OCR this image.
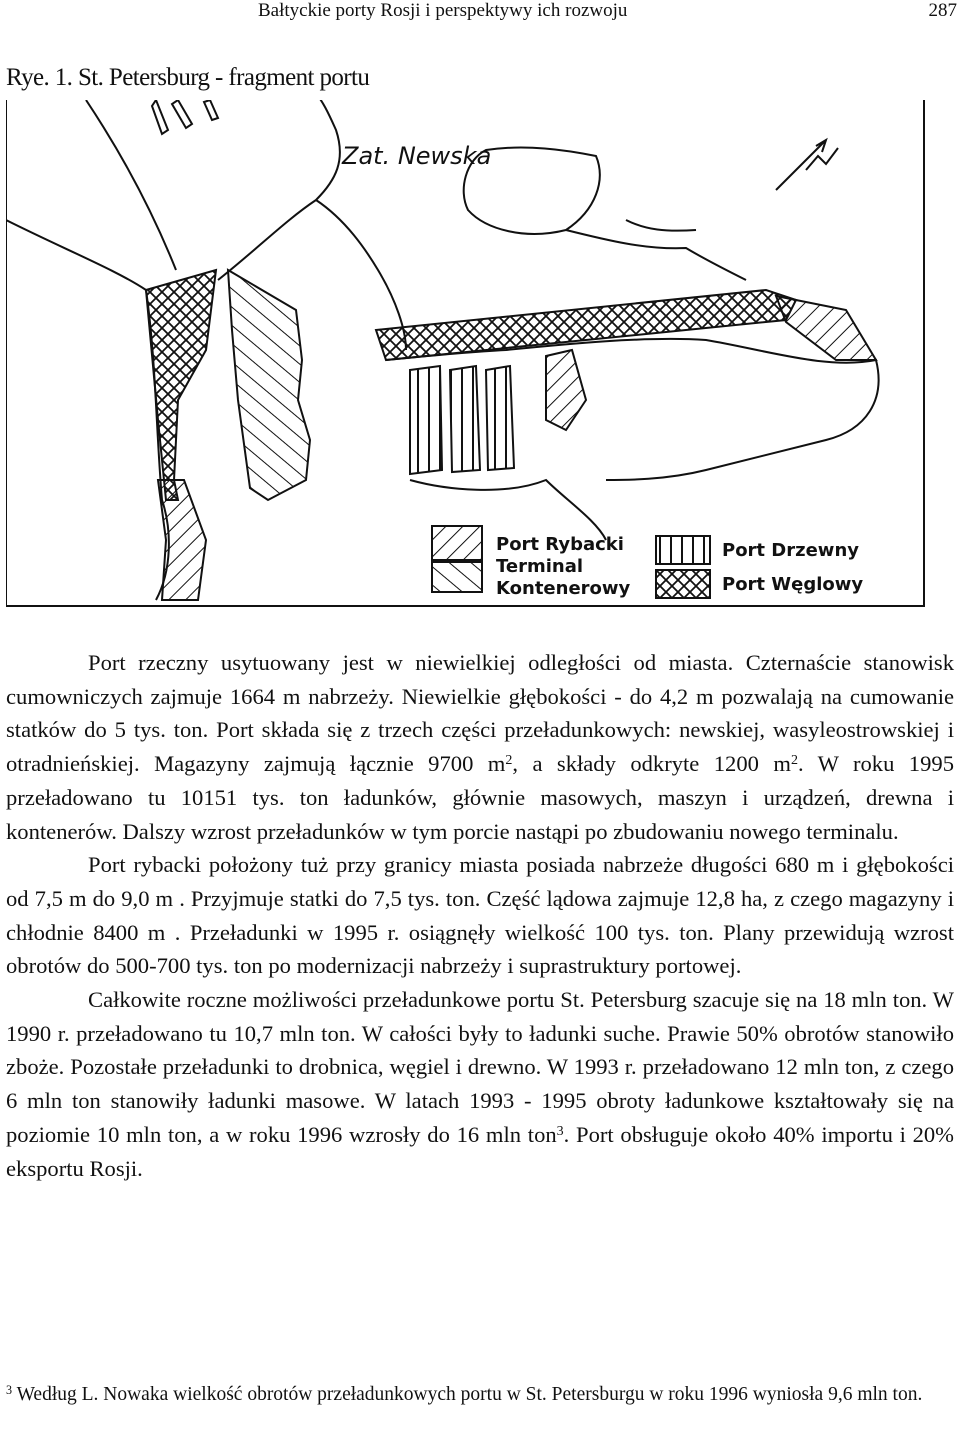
Bałtyckie porty Rosji i perspektywy ich rozwoju	287
Rye. 1. St. Petersburg - fragment portu
Zat. Newska
Port Rybacki
Terminal
Kontenerowy
Port Drzewny
Port Węglowy

Port rzeczny usytuowany jest w niewielkiej odległości od miasta. Czternaście stanowisk cumowniczych zajmuje 1664 m nabrzeży. Niewielkie głębokości - do 4,2 m pozwalają na cumowanie statków do 5 tys. ton. Port składa się z trzech części przeładunkowych: newskiej, wasyleostrowskiej i otradnieńskiej. Magazyny zajmują łącznie 9700 $m^2$, a składy odkryte 1200 $m^2$. W roku 1995 przeładowano tu 10151 tys. ton ładunków, głównie masowych, maszyn i urządzeń, drewna i kontenerów. Dalszy wzrost przeładunków w tym porcie nastąpi po zbudowaniu nowego terminalu.

Port rybacki położony tuż przy granicy miasta posiada nabrzeże długości 680 m i głębokości od 7,5 m do 9,0 m . Przyjmuje statki do 7,5 tys. ton. Część lądowa zajmuje 12,8 ha, z czego magazyny i chłodnie 8400 m . Przeładunki w 1995 r. osiągnęły wielkość 100 tys. ton. Plany przewidują wzrost obrotów do 500-700 tys. ton po modernizacji nabrzeży i suprastruktury portowej.

Całkowite roczne możliwości przeładunkowe portu St. Petersburg szacuje się na 18 mln ton. W 1990 r. przeładowano tu 10,7 mln ton. W całości były to ładunki suche. Prawie 50% obrotów stanowiło zboże. Pozostałe przeładunki to drobnica, węgiel i drewno. W 1993 r. przeładowano 12 mln ton, z czego 6 mln ton stanowiły ładunki masowe. W latach 1993 - 1995 obroty ładunkowe kształtowały się na poziomie 10 mln ton, a w roku 1996 wzrosły do 16 mln ton$^3$. Port obsługuje około 40% importu i 20% eksportu Rosji.

$^3$ Według L. Nowaka wielkość obrotów przeładunkowych portu w St. Petersburgu w roku 1996 wyniosła 9,6 mln ton.
